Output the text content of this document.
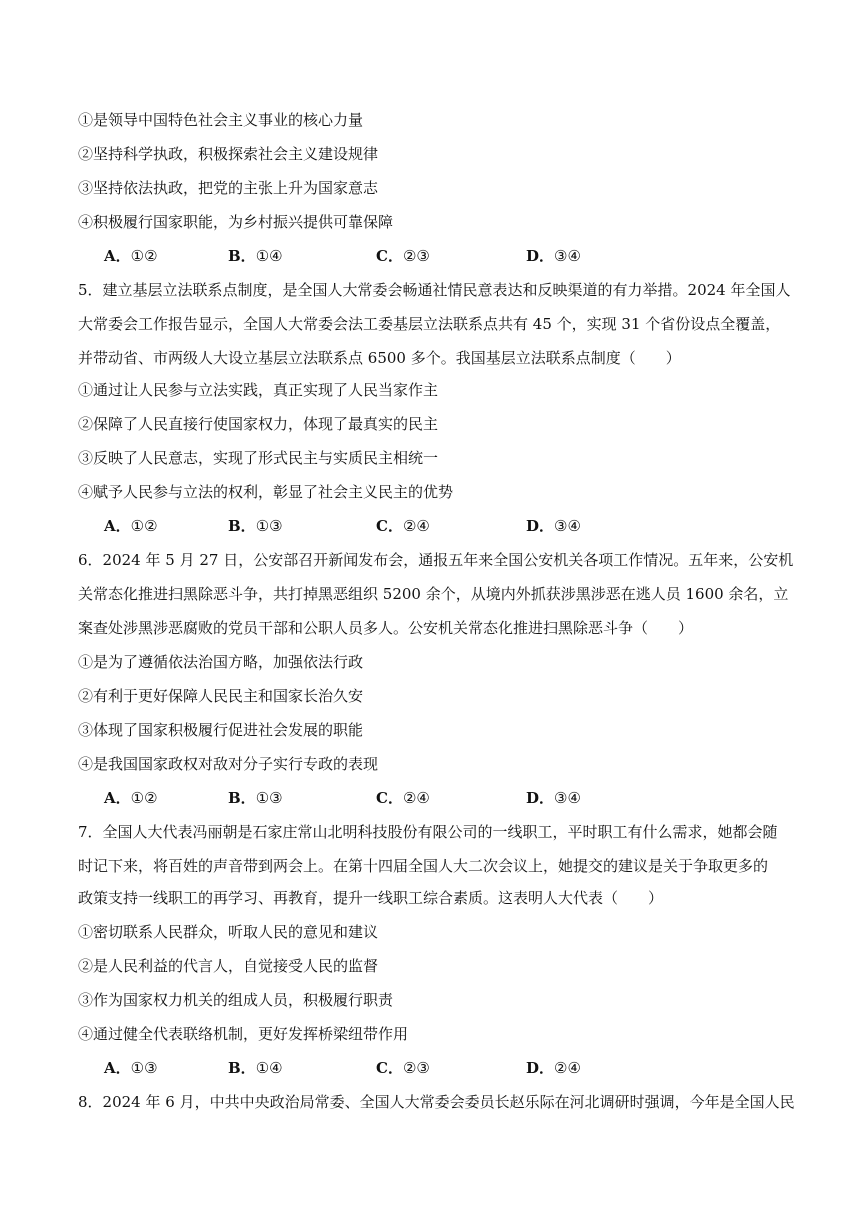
①是领导中国特色社会主义事业的核心力量
②坚持科学执政，积极探索社会主义建设规律
③坚持依法执政，把党的主张上升为国家意志
④积极履行国家职能，为乡村振兴提供可靠保障
A．①②	B．①④	C．②③	D．③④
5．建立基层立法联系点制度，是全国人大常委会畅通社情民意表达和反映渠道的有力举措。2024 年全国人
大常委会工作报告显示，全国人大常委会法工委基层立法联系点共有 45 个，实现 31 个省份设点全覆盖，
并带动省、市两级人大设立基层立法联系点 6500 多个。我国基层立法联系点制度（　　）
①通过让人民参与立法实践，真正实现了人民当家作主
②保障了人民直接行使国家权力，体现了最真实的民主
③反映了人民意志，实现了形式民主与实质民主相统一
④赋予人民参与立法的权利，彰显了社会主义民主的优势
A．①②	B．①③	C．②④	D．③④
6．2024 年 5 月 27 日，公安部召开新闻发布会，通报五年来全国公安机关各项工作情况。五年来，公安机
关常态化推进扫黑除恶斗争，共打掉黑恶组织 5200 余个，从境内外抓获涉黑涉恶在逃人员 1600 余名，立
案查处涉黑涉恶腐败的党员干部和公职人员多人。公安机关常态化推进扫黑除恶斗争（　　）
①是为了遵循依法治国方略，加强依法行政
②有利于更好保障人民民主和国家长治久安
③体现了国家积极履行促进社会发展的职能
④是我国国家政权对敌对分子实行专政的表现
A．①②	B．①③	C．②④	D．③④
7．全国人大代表冯丽朝是石家庄常山北明科技股份有限公司的一线职工，平时职工有什么需求，她都会随
时记下来，将百姓的声音带到两会上。在第十四届全国人大二次会议上，她提交的建议是关于争取更多的
政策支持一线职工的再学习、再教育，提升一线职工综合素质。这表明人大代表（　　）
①密切联系人民群众，听取人民的意见和建议
②是人民利益的代言人，自觉接受人民的监督
③作为国家权力机关的组成人员，积极履行职责
④通过健全代表联络机制，更好发挥桥梁纽带作用
A．①③	B．①④	C．②③	D．②④
8．2024 年 6 月，中共中央政治局常委、全国人大常委会委员长赵乐际在河北调研时强调，今年是全国人民
